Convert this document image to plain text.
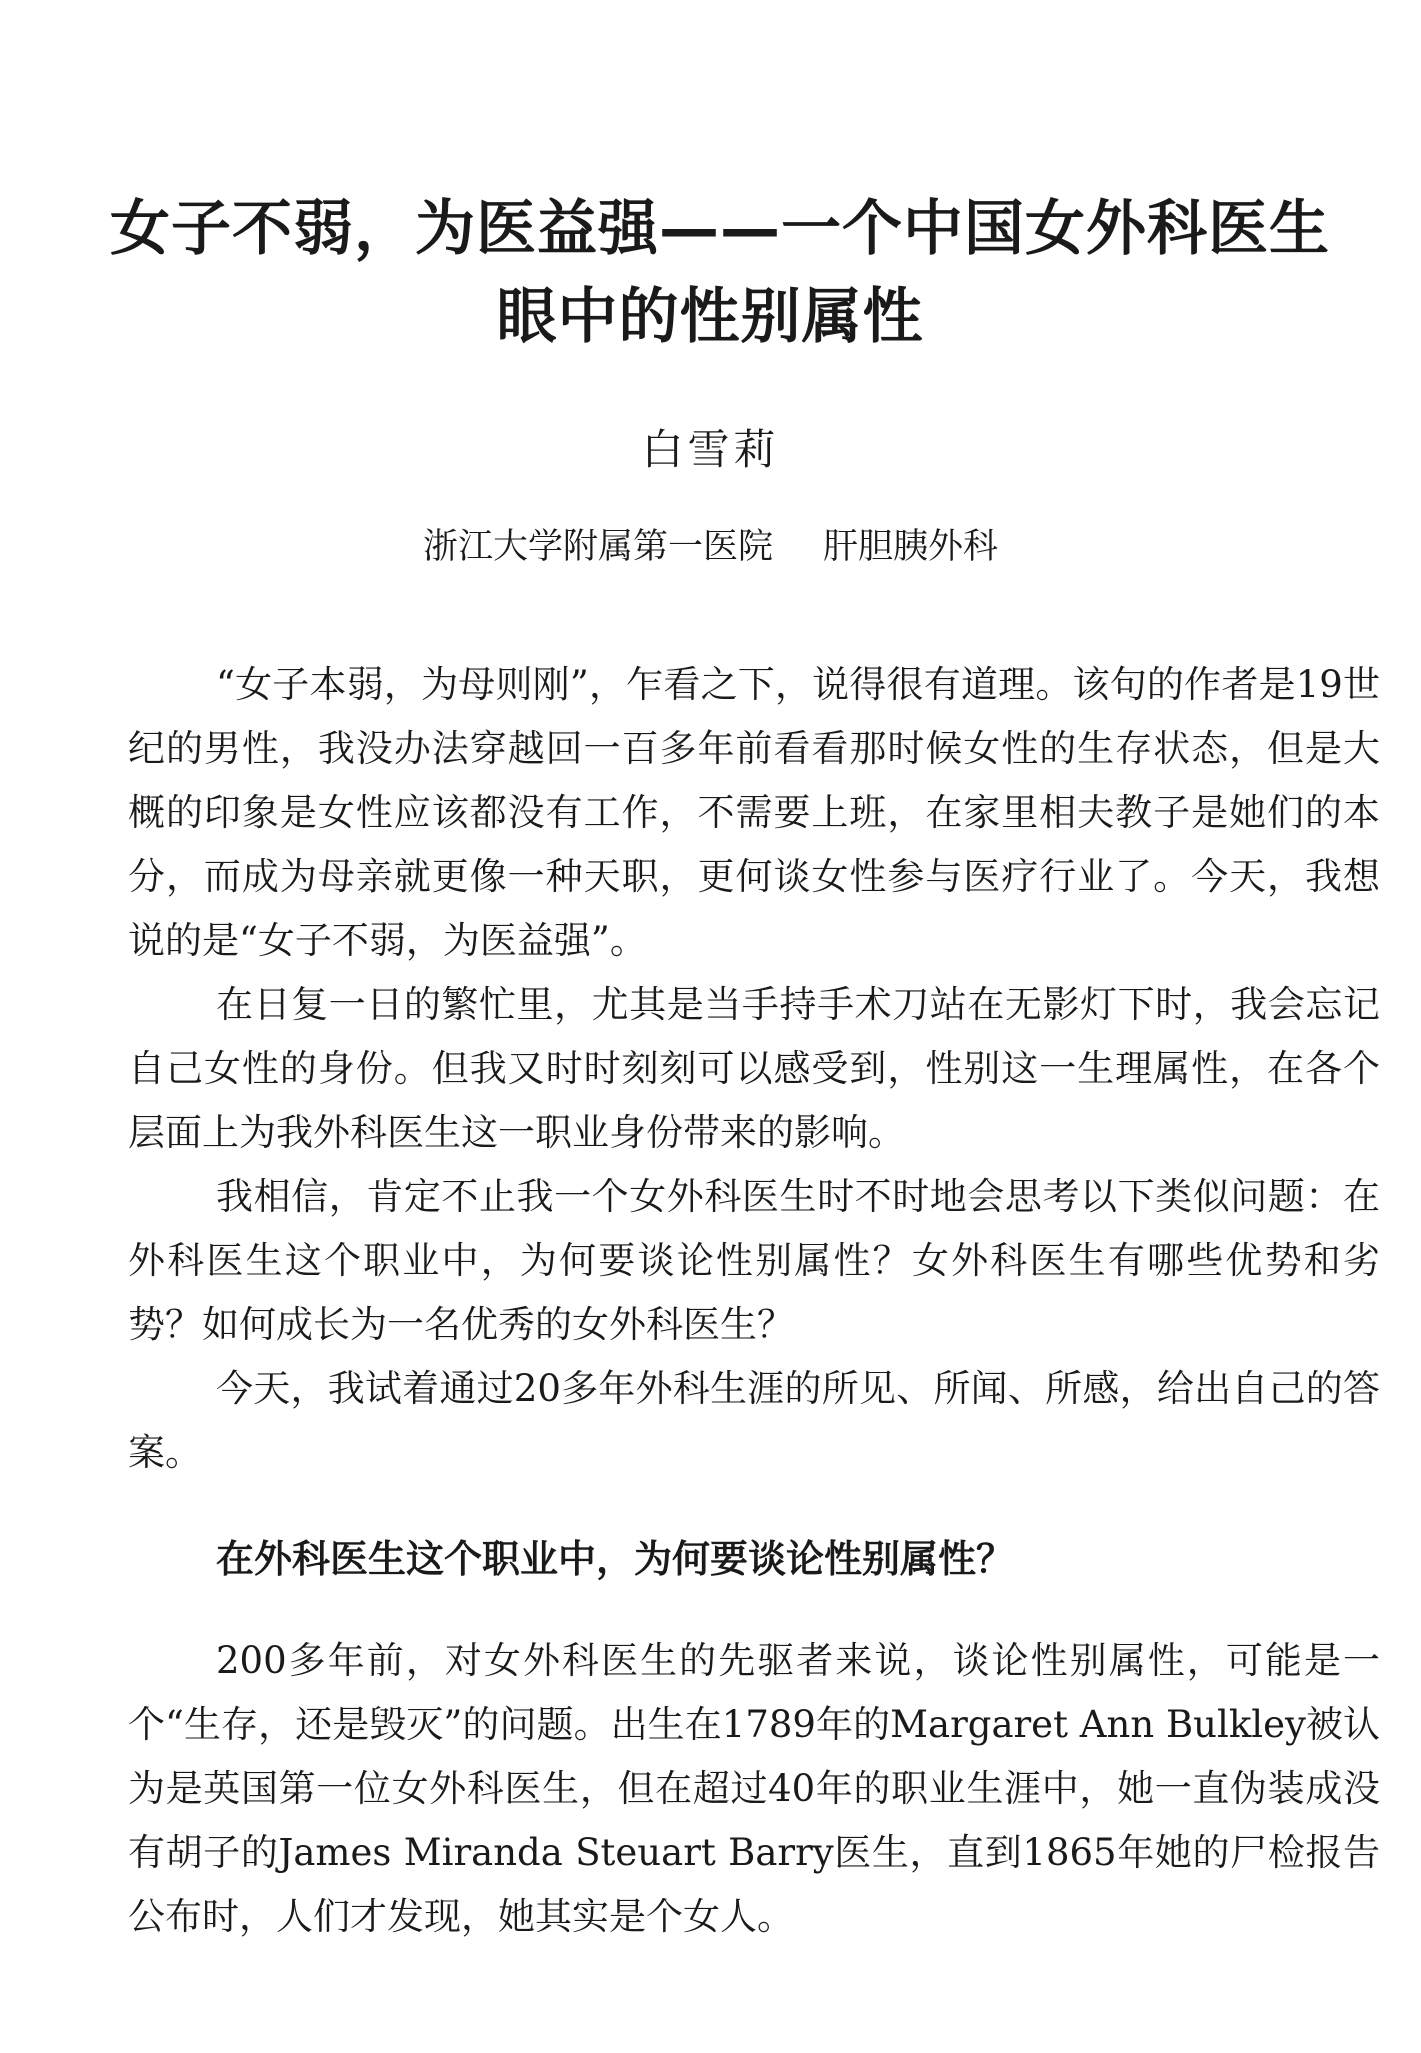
女子不弱，为医益强——一个中国女外科医生
眼中的性别属性
白雪莉
浙江大学附属第一医院 肝胆胰外科

“女子本弱，为母则刚”，乍看之下，说得很有道理。该句的作者是19世纪的男性，我没办法穿越回一百多年前看看那时候女性的生存状态，但是大概的印象是女性应该都没有工作，不需要上班，在家里相夫教子是她们的本分，而成为母亲就更像一种天职，更何谈女性参与医疗行业了。今天，我想说的是“女子不弱，为医益强”。

在日复一日的繁忙里，尤其是当手持手术刀站在无影灯下时，我会忘记自己女性的身份。但我又时时刻刻可以感受到，性别这一生理属性，在各个层面上为我外科医生这一职业身份带来的影响。

我相信，肯定不止我一个女外科医生时不时地会思考以下类似问题：在外科医生这个职业中，为何要谈论性别属性？女外科医生有哪些优势和劣势？如何成长为一名优秀的女外科医生？

今天，我试着通过20多年外科生涯的所见、所闻、所感，给出自己的答案。

在外科医生这个职业中，为何要谈论性别属性？

200多年前，对女外科医生的先驱者来说，谈论性别属性，可能是一个“生存，还是毁灭”的问题。出生在1789年的Margaret Ann Bulkley被认为是英国第一位女外科医生，但在超过40年的职业生涯中，她一直伪装成没有胡子的James Miranda Steuart Barry医生，直到1865年她的尸检报告公布时，人们才发现，她其实是个女人。
